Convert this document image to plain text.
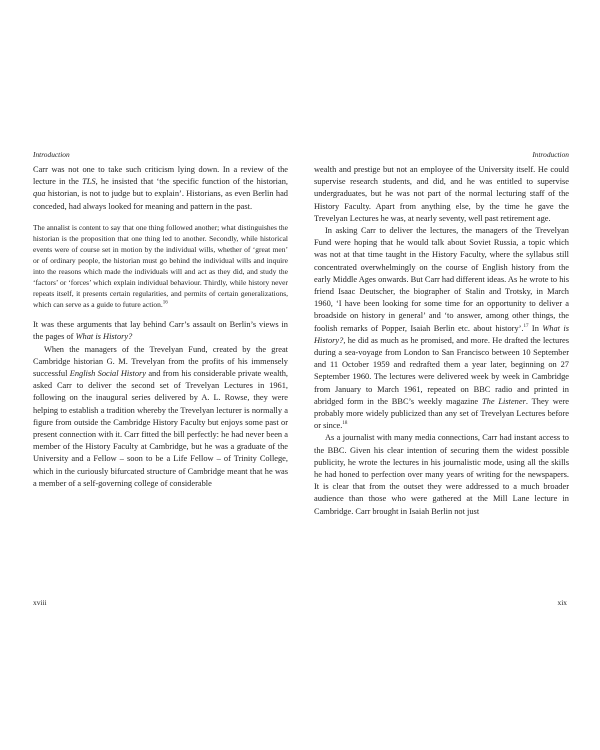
Introduction

Carr was not one to take such criticism lying down. In a review of the lecture in the TLS, he insisted that ‘the specific function of the historian, qua historian, is not to judge but to explain’. Historians, as even Berlin had conceded, had always looked for meaning and pattern in the past.

The annalist is content to say that one thing followed another; what distinguishes the historian is the proposition that one thing led to another. Secondly, while historical events were of course set in motion by the individual wills, whether of ‘great men’ or of ordinary people, the historian must go behind the individual wills and inquire into the reasons which made the individuals will and act as they did, and study the ‘factors’ or ‘forces’ which explain individual behaviour. Thirdly, while history never repeats itself, it presents certain regularities, and permits of certain generalizations, which can serve as a guide to future action.$^{16}$

It was these arguments that lay behind Carr’s assault on Berlin’s views in the pages of What is History?

When the managers of the Trevelyan Fund, created by the great Cambridge historian G. M. Trevelyan from the profits of his immensely successful English Social History and from his considerable private wealth, asked Carr to deliver the second set of Trevelyan Lectures in 1961, following on the inaugural series delivered by A. L. Rowse, they were helping to establish a tradition whereby the Trevelyan lecturer is normally a figure from outside the Cambridge History Faculty but enjoys some past or present connection with it. Carr fitted the bill perfectly: he had never been a member of the History Faculty at Cambridge, but he was a graduate of the University and a Fellow – soon to be a Life Fellow – of Trinity College, which in the curiously bifurcated structure of Cambridge meant that he was a member of a self-governing college of considerable

Introduction

wealth and prestige but not an employee of the University itself. He could supervise research students, and did, and he was entitled to supervise undergraduates, but he was not part of the normal lecturing staff of the History Faculty. Apart from anything else, by the time he gave the Trevelyan Lectures he was, at nearly seventy, well past retirement age.

In asking Carr to deliver the lectures, the managers of the Trevelyan Fund were hoping that he would talk about Soviet Russia, a topic which was not at that time taught in the History Faculty, where the syllabus still concentrated overwhelmingly on the course of English history from the early Middle Ages onwards. But Carr had different ideas. As he wrote to his friend Isaac Deutscher, the biographer of Stalin and Trotsky, in March 1960, ‘I have been looking for some time for an opportunity to deliver a broadside on history in general’ and ‘to answer, among other things, the foolish remarks of Popper, Isaiah Berlin etc. about history’.$^{17}$ In What is History?, he did as much as he promised, and more. He drafted the lectures during a sea-voyage from London to San Francisco between 10 September and 11 October 1959 and redrafted them a year later, beginning on 27 September 1960. The lectures were delivered week by week in Cambridge from January to March 1961, repeated on BBC radio and printed in abridged form in the BBC’s weekly magazine The Listener. They were probably more widely publicized than any set of Trevelyan Lectures before or since.$^{18}$

As a journalist with many media connections, Carr had instant access to the BBC. Given his clear intention of securing them the widest possible publicity, he wrote the lectures in his journalistic mode, using all the skills he had honed to perfection over many years of writing for the newspapers. It is clear that from the outset they were addressed to a much broader audience than those who were gathered at the Mill Lane lecture in Cambridge. Carr brought in Isaiah Berlin not just

xviii	xix
